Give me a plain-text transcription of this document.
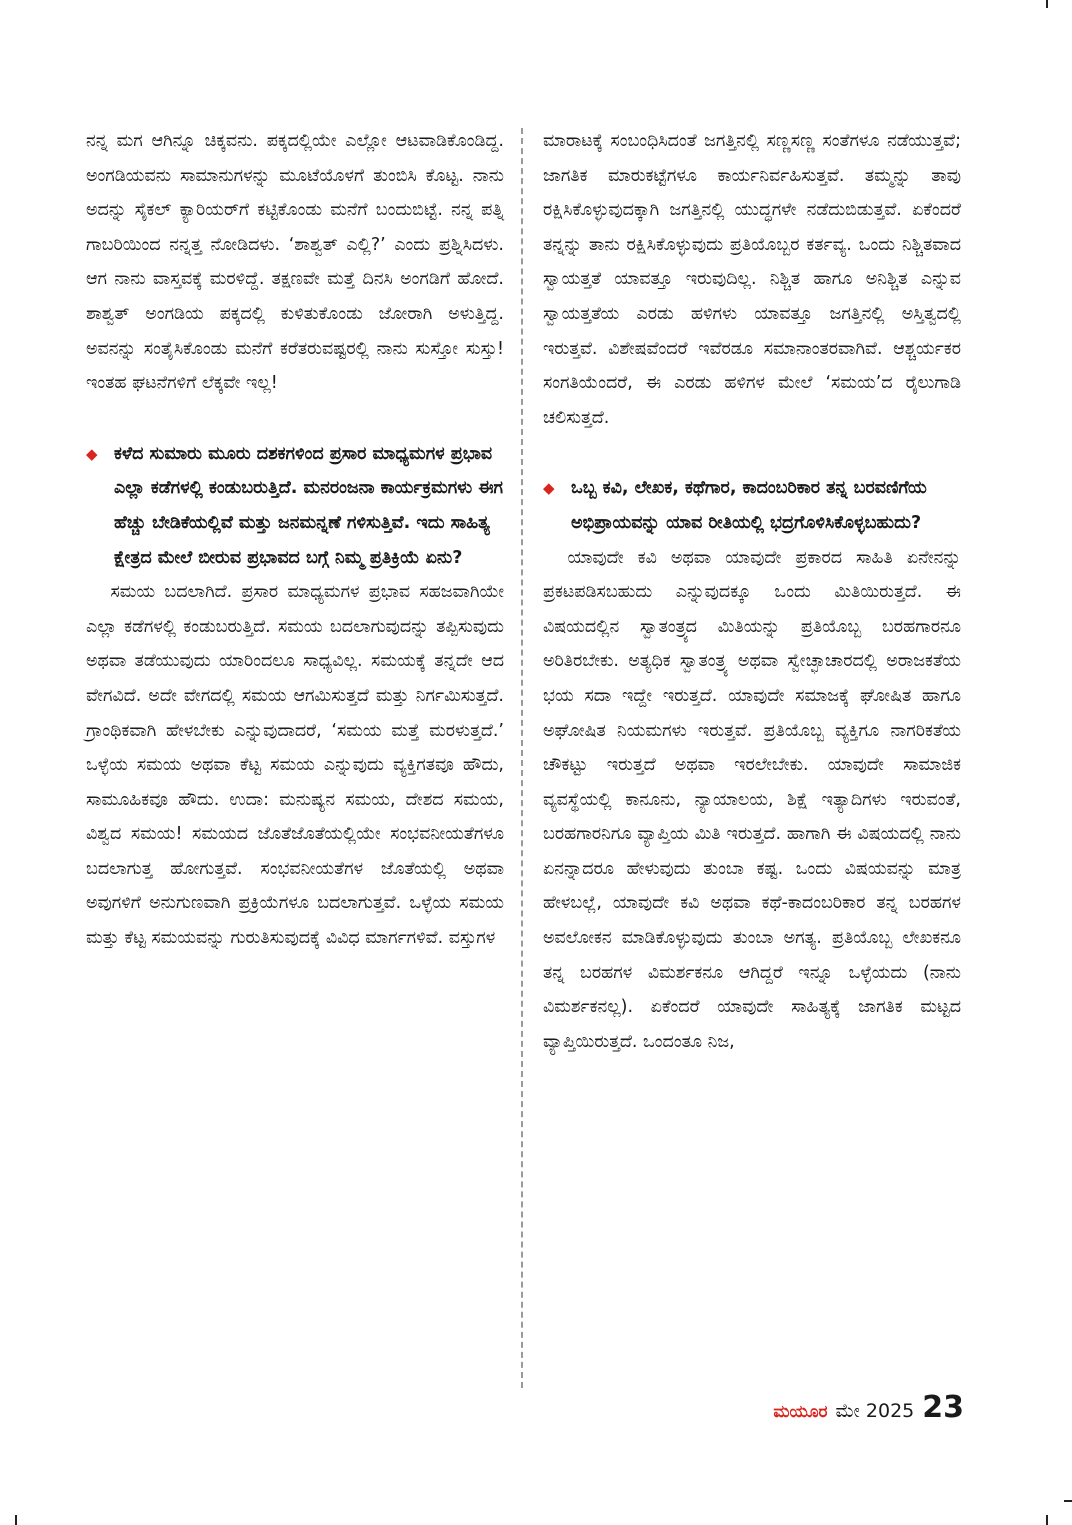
ನನ್ನ ಮಗ ಆಗಿನ್ನೂ ಚಿಕ್ಕವನು. ಪಕ್ಕದಲ್ಲಿಯೇ ಎಲ್ಲೋ ಆಟವಾಡಿಕೊಂಡಿದ್ದ. ಅಂಗಡಿಯವನು ಸಾಮಾನುಗಳನ್ನು ಮೂಟೆಯೊಳಗೆ ತುಂಬಿಸಿ ಕೊಟ್ಟ. ನಾನು ಅದನ್ನು ಸೈಕಲ್ ಕ್ಯಾರಿಯರ್‌ಗೆ ಕಟ್ಟಿಕೊಂಡು ಮನೆಗೆ ಬಂದುಬಿಟ್ಟೆ. ನನ್ನ ಪತ್ನಿ ಗಾಬರಿಯಿಂದ ನನ್ನತ್ತ ನೋಡಿದಳು. ‘ಶಾಶ್ವತ್ ಎಲ್ಲಿ?’ ಎಂದು ಪ್ರಶ್ನಿಸಿದಳು. ಆಗ ನಾನು ವಾಸ್ತವಕ್ಕೆ ಮರಳಿದ್ದೆ. ತಕ್ಷಣವೇ ಮತ್ತೆ ದಿನಸಿ ಅಂಗಡಿಗೆ ಹೋದೆ. ಶಾಶ್ವತ್ ಅಂಗಡಿಯ ಪಕ್ಕದಲ್ಲಿ ಕುಳಿತುಕೊಂಡು ಜೋರಾಗಿ ಅಳುತ್ತಿದ್ದ. ಅವನನ್ನು ಸಂತೈಸಿಕೊಂಡು ಮನೆಗೆ ಕರೆತರುವಷ್ಟರಲ್ಲಿ ನಾನು ಸುಸ್ತೋ ಸುಸ್ತು! ಇಂತಹ ಘಟನೆಗಳಿಗೆ ಲೆಕ್ಕವೇ ಇಲ್ಲ!

◆ ಕಳೆದ ಸುಮಾರು ಮೂರು ದಶಕಗಳಿಂದ ಪ್ರಸಾರ ಮಾಧ್ಯಮಗಳ ಪ್ರಭಾವ ಎಲ್ಲಾ ಕಡೆಗಳಲ್ಲಿ ಕಂಡುಬರುತ್ತಿದೆ. ಮನರಂಜನಾ ಕಾರ್ಯಕ್ರಮಗಳು ಈಗ ಹೆಚ್ಚು ಬೇಡಿಕೆಯಲ್ಲಿವೆ ಮತ್ತು ಜನಮನ್ನಣೆ ಗಳಿಸುತ್ತಿವೆ. ಇದು ಸಾಹಿತ್ಯ ಕ್ಷೇತ್ರದ ಮೇಲೆ ಬೀರುವ ಪ್ರಭಾವದ ಬಗ್ಗೆ ನಿಮ್ಮ ಪ್ರತಿಕ್ರಿಯೆ ಏನು?

ಸಮಯ ಬದಲಾಗಿದೆ. ಪ್ರಸಾರ ಮಾಧ್ಯಮಗಳ ಪ್ರಭಾವ ಸಹಜವಾಗಿಯೇ ಎಲ್ಲಾ ಕಡೆಗಳಲ್ಲಿ ಕಂಡುಬರುತ್ತಿದೆ. ಸಮಯ ಬದಲಾಗುವುದನ್ನು ತಪ್ಪಿಸುವುದು ಅಥವಾ ತಡೆಯುವುದು ಯಾರಿಂದಲೂ ಸಾಧ್ಯವಿಲ್ಲ. ಸಮಯಕ್ಕೆ ತನ್ನದೇ ಆದ ವೇಗವಿದೆ. ಅದೇ ವೇಗದಲ್ಲಿ ಸಮಯ ಆಗಮಿಸುತ್ತದೆ ಮತ್ತು ನಿರ್ಗಮಿಸುತ್ತದೆ. ಗ್ರಾಂಥಿಕವಾಗಿ ಹೇಳಬೇಕು ಎನ್ನುವುದಾದರೆ, ‘ಸಮಯ ಮತ್ತೆ ಮರಳುತ್ತದೆ.’ ಒಳ್ಳೆಯ ಸಮಯ ಅಥವಾ ಕೆಟ್ಟ ಸಮಯ ಎನ್ನುವುದು ವ್ಯಕ್ತಿಗತವೂ ಹೌದು, ಸಾಮೂಹಿಕವೂ ಹೌದು. ಉದಾ: ಮನುಷ್ಯನ ಸಮಯ, ದೇಶದ ಸಮಯ, ವಿಶ್ವದ ಸಮಯ! ಸಮಯದ ಜೊತೆಜೊತೆಯಲ್ಲಿಯೇ ಸಂಭವನೀಯತೆಗಳೂ ಬದಲಾಗುತ್ತ ಹೋಗುತ್ತವೆ. ಸಂಭವನೀಯತೆಗಳ ಜೊತೆಯಲ್ಲಿ ಅಥವಾ ಅವುಗಳಿಗೆ ಅನುಗುಣವಾಗಿ ಪ್ರಕ್ರಿಯೆಗಳೂ ಬದಲಾಗುತ್ತವೆ. ಒಳ್ಳೆಯ ಸಮಯ ಮತ್ತು ಕೆಟ್ಟ ಸಮಯವನ್ನು ಗುರುತಿಸುವುದಕ್ಕೆ ವಿವಿಧ ಮಾರ್ಗಗಳಿವೆ. ವಸ್ತುಗಳ

ಮಾರಾಟಕ್ಕೆ ಸಂಬಂಧಿಸಿದಂತೆ ಜಗತ್ತಿನಲ್ಲಿ ಸಣ್ಣಸಣ್ಣ ಸಂತೆಗಳೂ ನಡೆಯುತ್ತವೆ; ಜಾಗತಿಕ ಮಾರುಕಟ್ಟೆಗಳೂ ಕಾರ್ಯನಿರ್ವಹಿಸುತ್ತವೆ. ತಮ್ಮನ್ನು ತಾವು ರಕ್ಷಿಸಿಕೊಳ್ಳುವುದಕ್ಕಾಗಿ ಜಗತ್ತಿನಲ್ಲಿ ಯುದ್ಧಗಳೇ ನಡೆದುಬಿಡುತ್ತವೆ. ಏಕೆಂದರೆ ತನ್ನನ್ನು ತಾನು ರಕ್ಷಿಸಿಕೊಳ್ಳುವುದು ಪ್ರತಿಯೊಬ್ಬರ ಕರ್ತವ್ಯ. ಒಂದು ನಿಶ್ಚಿತವಾದ ಸ್ವಾಯತ್ತತೆ ಯಾವತ್ತೂ ಇರುವುದಿಲ್ಲ. ನಿಶ್ಚಿತ ಹಾಗೂ ಅನಿಶ್ಚಿತ ಎನ್ನುವ ಸ್ವಾಯತ್ತತೆಯ ಎರಡು ಹಳಿಗಳು ಯಾವತ್ತೂ ಜಗತ್ತಿನಲ್ಲಿ ಅಸ್ತಿತ್ವದಲ್ಲಿ ಇರುತ್ತವೆ. ವಿಶೇಷವೆಂದರೆ ಇವೆರಡೂ ಸಮಾನಾಂತರವಾಗಿವೆ. ಆಶ್ಚರ್ಯಕರ ಸಂಗತಿಯೆಂದರೆ, ಈ ಎರಡು ಹಳಿಗಳ ಮೇಲೆ ‘ಸಮಯ’ದ ರೈಲುಗಾಡಿ ಚಲಿಸುತ್ತದೆ.

◆ ಒಬ್ಬ ಕವಿ, ಲೇಖಕ, ಕಥೆಗಾರ, ಕಾದಂಬರಿಕಾರ ತನ್ನ ಬರವಣಿಗೆಯ ಅಭಿಪ್ರಾಯವನ್ನು ಯಾವ ರೀತಿಯಲ್ಲಿ ಭದ್ರಗೊಳಿಸಿಕೊಳ್ಳಬಹುದು?

ಯಾವುದೇ ಕವಿ ಅಥವಾ ಯಾವುದೇ ಪ್ರಕಾರದ ಸಾಹಿತಿ ಏನೇನನ್ನು ಪ್ರಕಟಪಡಿಸಬಹುದು ಎನ್ನುವುದಕ್ಕೂ ಒಂದು ಮಿತಿಯಿರುತ್ತದೆ. ಈ ವಿಷಯದಲ್ಲಿನ ಸ್ವಾತಂತ್ರ್ಯದ ಮಿತಿಯನ್ನು ಪ್ರತಿಯೊಬ್ಬ ಬರಹಗಾರನೂ ಅರಿತಿರಬೇಕು. ಅತ್ಯಧಿಕ ಸ್ವಾತಂತ್ರ್ಯ ಅಥವಾ ಸ್ವೇಚ್ಛಾಚಾರದಲ್ಲಿ ಅರಾಜಕತೆಯ ಭಯ ಸದಾ ಇದ್ದೇ ಇರುತ್ತದೆ. ಯಾವುದೇ ಸಮಾಜಕ್ಕೆ ಘೋಷಿತ ಹಾಗೂ ಅಘೋಷಿತ ನಿಯಮಗಳು ಇರುತ್ತವೆ. ಪ್ರತಿಯೊಬ್ಬ ವ್ಯಕ್ತಿಗೂ ನಾಗರಿಕತೆಯ ಚೌಕಟ್ಟು ಇರುತ್ತದೆ ಅಥವಾ ಇರಲೇಬೇಕು. ಯಾವುದೇ ಸಾಮಾಜಿಕ ವ್ಯವಸ್ಥೆಯಲ್ಲಿ ಕಾನೂನು, ನ್ಯಾಯಾಲಯ, ಶಿಕ್ಷೆ ಇತ್ಯಾದಿಗಳು ಇರುವಂತೆ, ಬರಹಗಾರನಿಗೂ ವ್ಯಾಪ್ತಿಯ ಮಿತಿ ಇರುತ್ತದೆ. ಹಾಗಾಗಿ ಈ ವಿಷಯದಲ್ಲಿ ನಾನು ಏನನ್ನಾದರೂ ಹೇಳುವುದು ತುಂಬಾ ಕಷ್ಟ. ಒಂದು ವಿಷಯವನ್ನು ಮಾತ್ರ ಹೇಳಬಲ್ಲೆ, ಯಾವುದೇ ಕವಿ ಅಥವಾ ಕಥೆ-ಕಾದಂಬರಿಕಾರ ತನ್ನ ಬರಹಗಳ ಅವಲೋಕನ ಮಾಡಿಕೊಳ್ಳುವುದು ತುಂಬಾ ಅಗತ್ಯ. ಪ್ರತಿಯೊಬ್ಬ ಲೇಖಕನೂ ತನ್ನ ಬರಹಗಳ ವಿಮರ್ಶಕನೂ ಆಗಿದ್ದರೆ ಇನ್ನೂ ಒಳ್ಳೆಯದು (ನಾನು ವಿಮರ್ಶಕನಲ್ಲ). ಏಕೆಂದರೆ ಯಾವುದೇ ಸಾಹಿತ್ಯಕ್ಕೆ ಜಾಗತಿಕ ಮಟ್ಟದ ವ್ಯಾಪ್ತಿಯಿರುತ್ತದೆ. ಒಂದಂತೂ ನಿಜ,

ಮಯೂರ ಮೇ 2025 23
